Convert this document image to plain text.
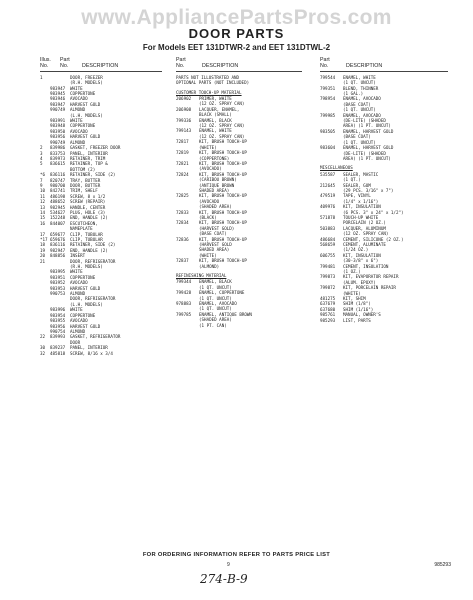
www.AppliancePartsPros.com
DOOR PARTS
For Models EET 131DTWR-2 and EET 131DTWL-2
Illus.
No.Part
No.	DESCRIPTION
1	DOOR, FREEZER
(R.H. MODELS)
983947	WHITE
983945	COPPERTONE
983946	AVOCADO
983947	HARVEST GOLD
990749	ALMOND
(L.H. MODELS)
983991	WHITE
983948	COPPERTONE
983950	AVOCADO
983956	HARVEST GOLD
990749	ALMOND
2	839986	GASKET, FREEZER DOOR
3	833753	PANEL, INTERIOR
4	839973	RETAINER, TRIM
5	836615	RETAINER, TOP &
BOTTOM (2)
*6	836116	RETAINER, SIDE (2)
7	820747	TRAY, BUTTER
9	980700	DOOR, BUTTER
10	842741	TRIM, SHELF
11	486198	SCREW, 8 x 1/2
12	488652	SCREW (REPAIR)
13	982945	HANDLE, CENTER
14	534627	PLUG, HOLE (3)
15	152248	END, HANDLE (2)
16	844007	ESCUTCHEON,
NAMEPLATE
17	659677	CLIP, TUBULAR
*17 659676	CLIP, TUBULAR
18	836116	RETAINER, SIDE (2)
19	982947	END, HANDLE (2)
20	848856	INSERT
21	DOOR, REFRIGERATOR
(R.H. MODELS)
983995	WHITE
983951	COPPERTONE
983952	AVOCADO
983953	HARVEST GOLD
990753	ALMOND
DOOR, REFRIGERATOR
(L.H. MODELS)
983996	WHITE
983954	COPPERTONE
983955	AVOCADO
983956	HARVEST GOLD
990754	ALMOND
22	839993	GASKET, REFRIGERATOR
DOOR
30	839237	PANEL, INTERIOR
32	485818	SCREW, 8/16 x 3/4
Part
No.	DESCRIPTION
PARTS NOT ILLUSTRATED AND
OPTIONAL PARTS (NOT INCLUDED)
CUSTOMER TOUCH-UP MATERIAL
206902	PRIMER, WHITE
(12 OZ. SPRAY CAN)
206908	LACQUER, ENAMEL,
BLACK (SMALL)
799336	ENAMEL, BLACK
(12 OZ. SPRAY CAN)
799143	ENAMEL, WHITE
(12 OZ. SPRAY CAN)
72817	KIT, BRUSH TOUCH-UP
(WHITE)
72819	KIT, BRUSH TOUCH-UP
(COPPERTONE)
72821	KIT, BRUSH TOUCH-UP
(AVOCADO)
72824	KIT, BRUSH TOUCH-UP
(CARIBOU BROWN)
(ANTIQUE BROWN
SHADED AREA)
72825	KIT, BRUSH TOUCH-UP
(AVOCADO
(SHADED AREA)
72833	KIT, BRUSH TOUCH-UP
(BLACK)
72834	KIT, BRUSH TOUCH-UP
(HARVEST GOLD)
(BASE COAT)
72836	KIT, BRUSH TOUCH-UP
(HARVEST GOLD
SHADED AREA)
(WHITE)
72837	KIT, BRUSH TOUCH-UP
(ALMOND)
REFINISHING MATERIAL
799344	ENAMEL, BLACK
(1 QT. UNCUT)
799428	ENAMEL, COPPERTONE
(1 QT. UNCUT)
978883	ENAMEL, AVOCADO
(1 QT. UNCUT)
799785	ENAMEL, ANTIQUE BROWN
(SHADED AREA)
(1 PT. CAN)
Part
No.	DESCRIPTION
799544	ENAMEL, WHITE
(1 QT. UNCUT)
799351	BLEND, THINNER
(1 GAL.)
798954	ENAMEL, AVOCADO
(BASE COAT)
(1 QT. UNCUT)
799985	ENAMEL, AVOCADO
(DE-LITE) (SHADED
AREA) (1 PT. UNCUT)
983505	ENAMEL, HARVEST GOLD
(BASE COAT)
(1 QT. UNCUT)
983604	ENAMEL, HARVEST GOLD
(DE-LITE) (SHADED
AREA) (1 PT. UNCUT)
MISCELLANEOUS
535587	SEALER, MASTIC
(1 QT.)
212645	SEALER, GUM
(29 PCS. 3/16" x 7")
479519	TAPE, VINYL
(1/4" x 1/16")
409976	KIT, INSULATION
(6 PCS. 3" x 24" x 1/2")
571878	TOUCH-UP WHITE
PORCELAIN (2 OZ.)
503883	LACQUER, ALUMINUM
(12 OZ. SPRAY CAN)
486684	CEMENT, SILICONE (2 OZ.)
568659	CEMENT, ALUMINATE
(1/24 OZ.)
606755	KIT, INSULATION
(30-3/8" x 6")
799481	CEMENT, INSULATION
(1 OZ.)
799873	KIT, EVAPORATOR REPAIR
(ALUM. EPOXY)
799872	KIT, PORCELAIN REPAIR
(WHITE)
481275	KIT, SHIM
637679	SHIM (1/8")
637680	SHIM (1/16")
985761	MANUAL, OWNER'S
985293	LIST, PARTS
FOR ORDERING INFORMATION REFER TO PARTS PRICE LIST
9	985293
274-B-9
